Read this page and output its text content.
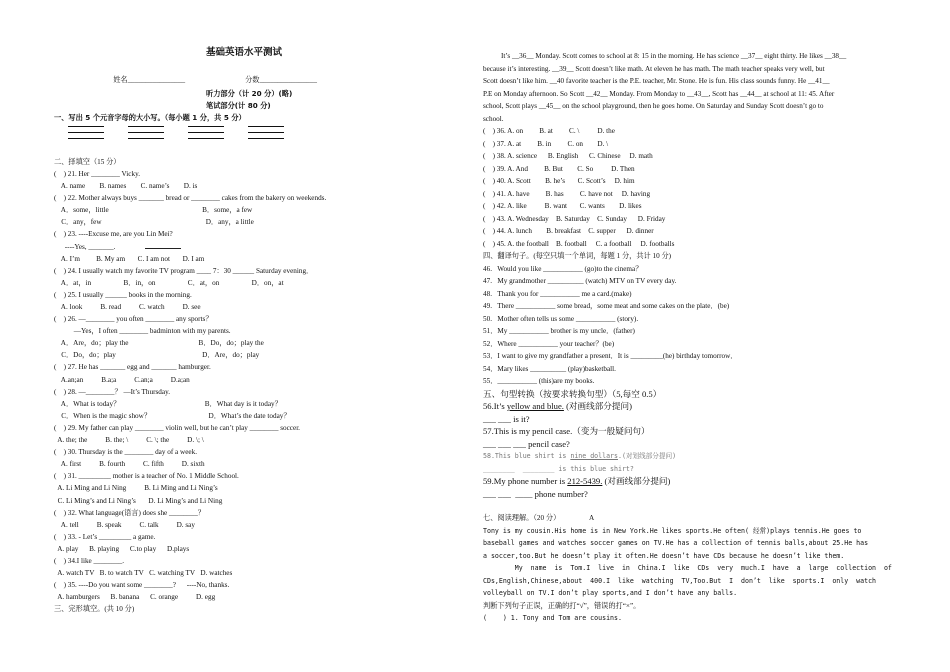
基础英语水平测试

姓名________________	分数________________

听力部分（计 20 分）(略)
笔试部分(计 80 分)
一、写出 5 个元音字母的大小写。（每小题 1 分，共 5 分）
二、择填空（15 分）
(    ) 21. Her ________ Vicky.
A. name        B. names        C. name’s        D. is
(    ) 22. Mother always buys _______ bread or ________ cakes from the bakery on weekends.
A．some，little                                                    B．some，a few
C．any，few                                                          D．any，a little
(    ) 23. ----Excuse me, are you Lin Mei?
----Yes, _______.
A. I’m         B. My am       C. I am not       D. I am
(    ) 24. I usually watch my favorite TV program ____ 7：30 ______ Saturday evening．
A．at，in                  B．in，on                  C．at，on                  D．on，at
(    ) 25. I usually ______ books in the morning.
A. look          B. read          C. watch          D. see
(    ) 26. —________ you often ________ any sports？
—Yes，I often ________ badminton with my parents.
A．Are，do；play the                                       B．Do，do；play the
C．Do，do；play                                                D．Are，do；play
(    ) 27. He has _______ egg and _______ hamburger.
A.an;an          B.a;a          C.an;a          D.a;an
(    ) 28. —________？ —It’s Thursday.
A．What is today？                                               B．What day is it today？
C．When is the magic show？                                D．What’s the date today？
(    ) 29. My father can play ________ violin well, but he can’t play ________ soccer.
A. the; the          B. the; \          C. \; the          D. \; \
(    ) 30. Thursday is the ________ day of a week.
A. first          B. fourth          C. fifth          D. sixth
(    ) 31. _________ mother is a teacher of No. 1 Middle School.
A. Li Ming and Li Ning          B. Li Ming and Li Ning’s
C. Li Ming’s and Li Ning’s       D. Li Ming’s and Li Ning
(    ) 32. What language(语言) does she ________？
A. tell          B. speak          C. talk          D. say
(    ) 33. - Let’s _________ a game.
A. play      B. playing      C.to play      D.plays
(    ) 34.I like ________.
A. watch TV   B. to watch TV   C. watching TV   D. watches
(    ) 35. ----Do you want some ________?      ----No, thanks.
A. hamburgers      B. banana      C. orange          D. egg
三、完形填空。(共 10 分)
It’s __36__ Monday. Scott comes to school at 8: 15 in the morning. He has science __37__ eight thirty. He likes __38__
because it’s interesting. __39__ Scott doesn’t like math. At eleven he has math. The math teacher speaks very well, but
Scott doesn’t like him. __40 favorite teacher is the P.E. teacher, Mr. Stone. He is fun. His class sounds funny. He __41__
P.E on Monday afternoon. So Scott __42__ Monday. From Monday to __43__, Scott has __44__ at school at 11: 45. After
school, Scott plays __45__ on the school playground, then he goes home. On Saturday and Sunday Scott doesn’t go to
school.
(    ) 36. A. on         B. at         C. \          D. the
(    ) 37. A. at         B. in         C. on        D. \
(    ) 38. A. science      B. English      C. Chinese     D. math
(    ) 39. A. And         B. But        C. So          D. Then
(    ) 40. A. Scott        B. he’s       C. Scott’s     D. him
(    ) 41. A. have         B. has         C. have not     D. having
(    ) 42. A. like          B. want       C. wants        D. likes
(    ) 43. A. Wednesday    B. Saturday    C. Sunday      D. Friday
(    ) 44. A. lunch        B. breakfast    C. supper      D. dinner
(    ) 45. A. the football    B. football     C. a football     D. footballs
四、翻译句子。(每空只填一个单词，每题 1 分，共计 10 分)
46.   Would you like ___________ (go)to the cinema？
47.   My grandmother __________ (watch) MTV on TV every day.
48.   Thank you for ___________ me a card.(make)
49.   There ___________ some bread，some meat and some cakes on the plate．(be)
50.   Mother often tells us some ___________ (story).
51．My ___________ brother is my uncle．(father)
52．Where ___________ your teacher？(be)
53．I want to give my grandfather a present．It is _________(he) birthday tomorrow．
54．Mary likes __________ (play)basketball.
55．___________ (this)are my books.
五、句型转换（按要求转换句型）（5,每空 0.5）
56.It’s yellow and blue. (对画线部分提问)
___ ___ is it?
57.This is my pencil case.（变为一般疑问句）
___ ___ ___ pencil case?
58.This blue shirt is nine dollars.(对划线部分提问)
________  ________ is this blue shirt?
59.My phone number is 212-5439. (对画线部分提问)
___ ___  ____ phone number?
七、阅读理解。（20 分）                A
Tony is my cousin.His home is in New York.He likes sports.He often( 经常)plays tennis.He goes to
baseball games and watches soccer games on TV.He has a collection of tennis balls,about 25.He has
a soccer,too.But he doesn’t play it often.He doesn’t have CDs because he doesn’t like them.
My  name  is  Tom.I  live  in  China.I  like  CDs  very  much.I  have  a  large  collection  of
CDs,English,Chinese,about  400.I  like  watching  TV,Too.But  I  don’t  like  sports.I  only  watch
volleyball on TV.I don’t play sports,and I don’t have any balls.
判断下列句子正误，正确的打“√”，错误的打“×”。
(    ) 1. Tony and Tom are cousins.
